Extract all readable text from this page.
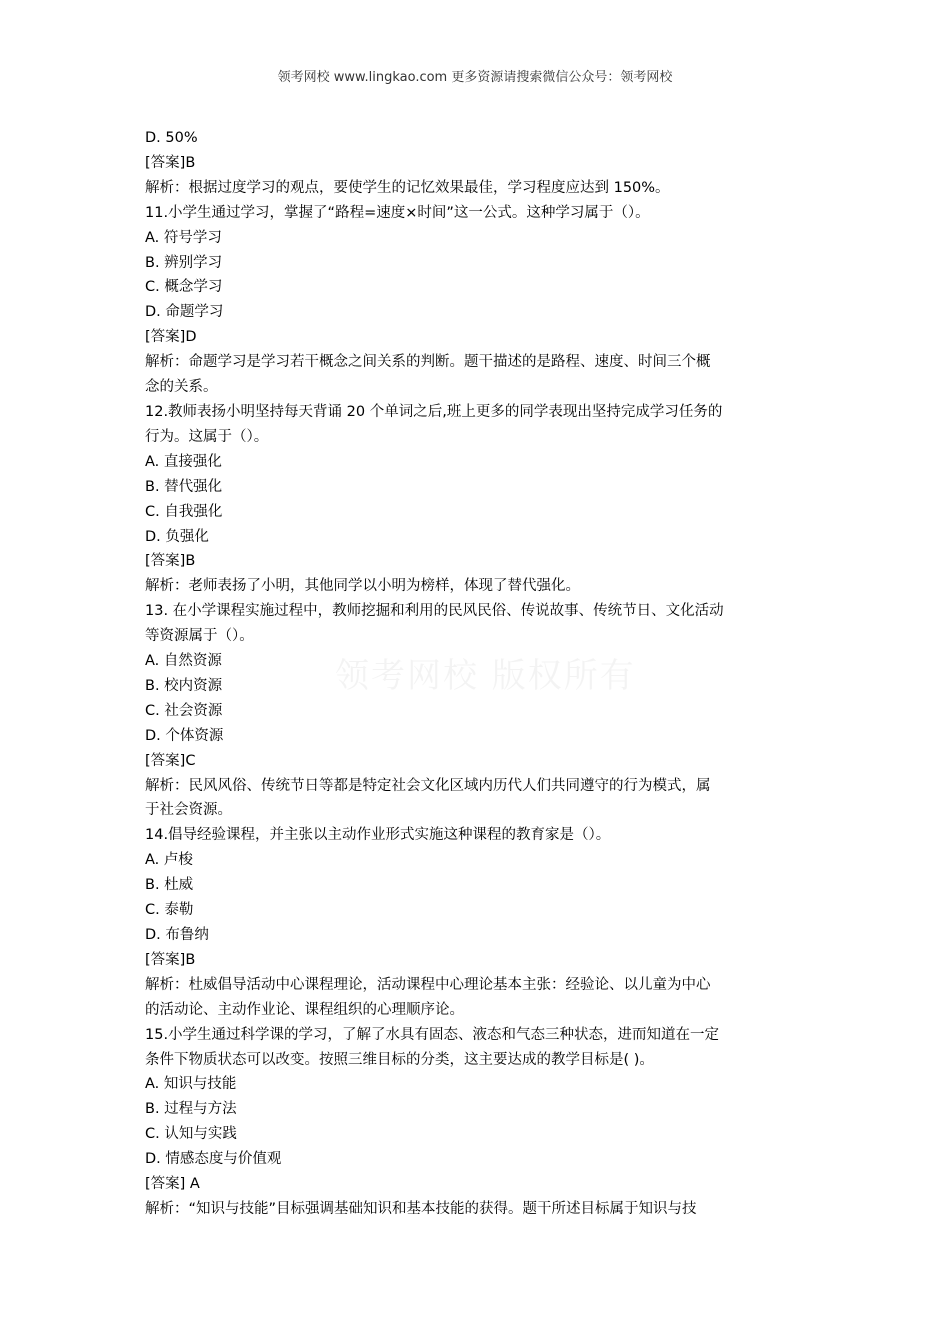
领考网校 www.lingkao.com 更多资源请搜索微信公众号：领考网校
D. 50%
[答案]B
解析：根据过度学习的观点，要使学生的记忆效果最佳，学习程度应达到 150%。
11.小学生通过学习，掌握了“路程=速度×时间”这一公式。这种学习属于（）。
A. 符号学习
B. 辨别学习
C. 概念学习
D. 命题学习
[答案]D
解析：命题学习是学习若干概念之间关系的判断。题干描述的是路程、速度、时间三个概
念的关系。
12.教师表扬小明坚持每天背诵 20 个单词之后,班上更多的同学表现出坚持完成学习任务的
行为。这属于（）。
A. 直接强化
B. 替代强化
C. 自我强化
D. 负强化
[答案]B
解析：老师表扬了小明，其他同学以小明为榜样，体现了替代强化。
13. 在小学课程实施过程中，教师挖掘和利用的民风民俗、传说故事、传统节日、文化活动
等资源属于（）。
A. 自然资源
B. 校内资源
C. 社会资源
D. 个体资源
[答案]C
解析：民风风俗、传统节日等都是特定社会文化区域内历代人们共同遵守的行为模式，属
于社会资源。
14.倡导经验课程，并主张以主动作业形式实施这种课程的教育家是（）。
A. 卢梭
B. 杜威
C. 泰勒
D. 布鲁纳
[答案]B
解析：杜威倡导活动中心课程理论，活动课程中心理论基本主张：经验论、以儿童为中心
的活动论、主动作业论、课程组织的心理顺序论。
15.小学生通过科学课的学习，了解了水具有固态、液态和气态三种状态，进而知道在一定
条件下物质状态可以改变。按照三维目标的分类，这主要达成的教学目标是( )。
A. 知识与技能
B. 过程与方法
C. 认知与实践
D. 情感态度与价值观
[答案] A
解析：“知识与技能”目标强调基础知识和基本技能的获得。题干所述目标属于知识与技
